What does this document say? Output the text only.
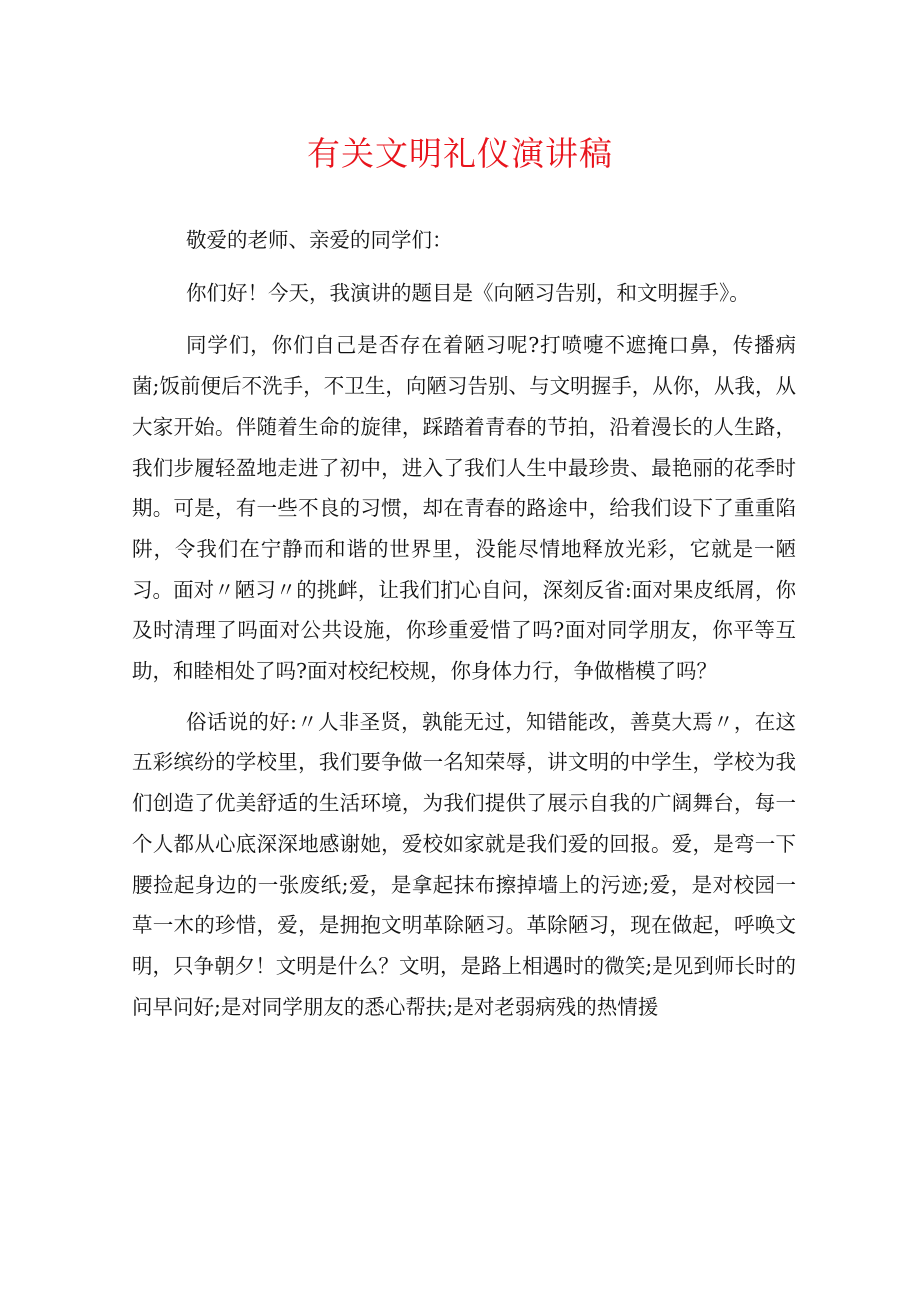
有关文明礼仪演讲稿

敬爱的老师、亲爱的同学们：

你们好！今天，我演讲的题目是《向陋习告别，和文明握手》。

同学们，你们自己是否存在着陋习呢?打喷嚏不遮掩口鼻，传播病菌;饭前便后不洗手，不卫生，向陋习告别、与文明握手，从你，从我，从大家开始。伴随着生命的旋律，踩踏着青春的节拍，沿着漫长的人生路，我们步履轻盈地走进了初中，进入了我们人生中最珍贵、最艳丽的花季时期。可是，有一些不良的习惯，却在青春的路途中，给我们设下了重重陷阱，令我们在宁静而和谐的世界里，没能尽情地释放光彩，它就是一陋习。面对〃陋习〃的挑衅，让我们扪心自问，深刻反省:面对果皮纸屑，你及时清理了吗面对公共设施，你珍重爱惜了吗?面对同学朋友，你平等互助，和睦相处了吗?面对校纪校规，你身体力行，争做楷模了吗？

俗话说的好:〃人非圣贤，孰能无过，知错能改，善莫大焉〃，在这五彩缤纷的学校里，我们要争做一名知荣辱，讲文明的中学生，学校为我们创造了优美舒适的生活环境，为我们提供了展示自我的广阔舞台，每一个人都从心底深深地感谢她，爱校如家就是我们爱的回报。爱，是弯一下腰捡起身边的一张废纸;爱，是拿起抹布擦掉墙上的污迹;爱，是对校园一草一木的珍惜，爱，是拥抱文明革除陋习。革除陋习，现在做起，呼唤文明，只争朝夕！文明是什么？文明，是路上相遇时的微笑;是见到师长时的问早问好;是对同学朋友的悉心帮扶;是对老弱病残的热情援
